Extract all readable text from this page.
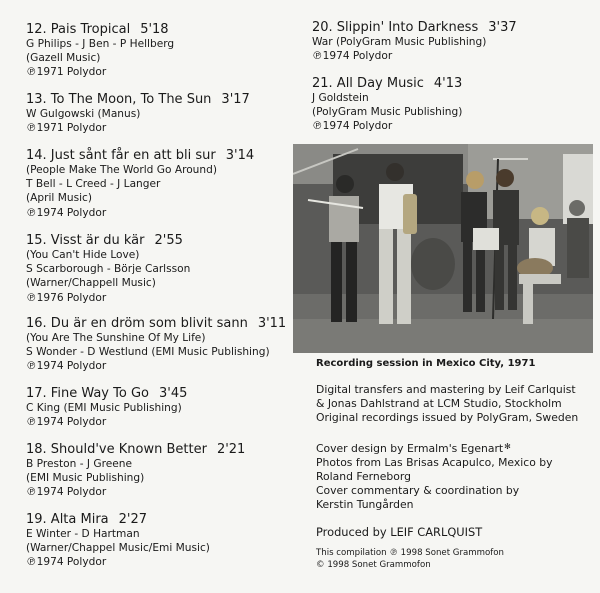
12. Pais Tropical 5'18
G Philips - J Ben - P Hellberg
(Gazell Music)
℗1971 Polydor
13. To The Moon, To The Sun 3'17
W Gulgowski (Manus)
℗1971 Polydor
14. Just sånt får en att bli sur 3'14
(People Make The World Go Around)
T Bell - L Creed - J Langer
(April Music)
℗1974 Polydor
15. Visst är du kär 2'55
(You Can't Hide Love)
S Scarborough - Börje Carlsson
(Warner/Chappell Music)
℗1976 Polydor
16. Du är en dröm som blivit sann 3'11
(You Are The Sunshine Of My Life)
S Wonder - D Westlund (EMI Music Publishing)
℗1974 Polydor
17. Fine Way To Go 3'45
C King (EMI Music Publishing)
℗1974 Polydor
18. Should've Known Better 2'21
B Preston - J Greene
(EMI Music Publishing)
℗1974 Polydor
19. Alta Mira 2'27
E Winter - D Hartman
(Warner/Chappel Music/Emi Music)
℗1974 Polydor
20. Slippin' Into Darkness 3'37
War (PolyGram Music Publishing)
℗1974 Polydor
21. All Day Music 4'13
J Goldstein
(PolyGram Music Publishing)
℗1974 Polydor
Recording session in Mexico City, 1971
Digital transfers and mastering by Leif Carlquist
& Jonas Dahlstrand at LCM Studio, Stockholm
Original recordings issued by PolyGram, Sweden
Cover design by Ermalm's Egenart✻
Photos from Las Brisas Acapulco, Mexico by
Roland Ferneborg
Cover commentary & coordination by
Kerstin Tungården
Produced by LEIF CARLQUIST
This compilation ℗ 1998 Sonet Grammofon
© 1998 Sonet Grammofon
